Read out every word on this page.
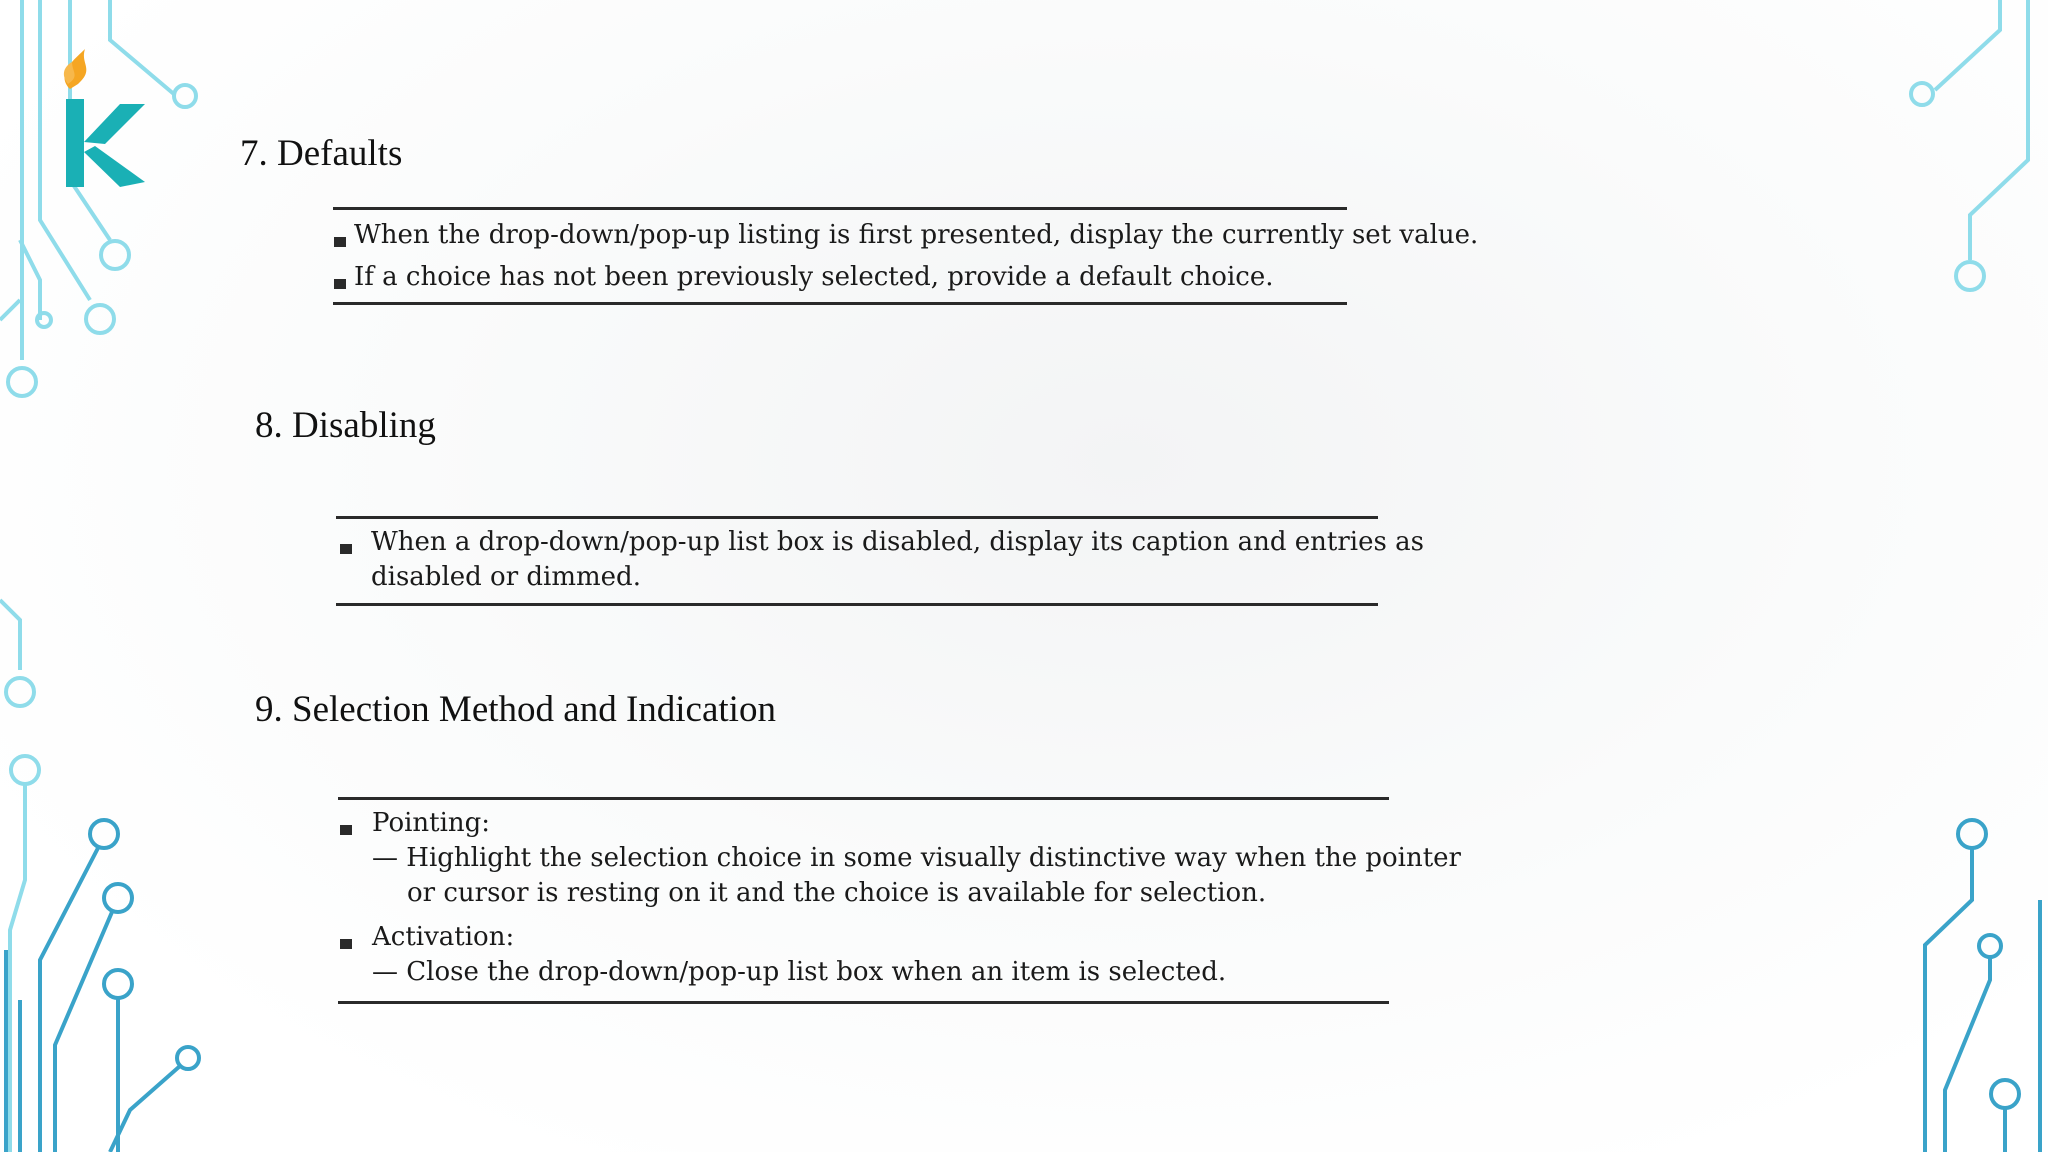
7. Defaults
When the drop-down/pop-up listing is first presented, display the currently set value.
If a choice has not been previously selected, provide a default choice.
8. Disabling
When a drop-down/pop-up list box is disabled, display its caption and entries as
disabled or dimmed.
9. Selection Method and Indication
Pointing:
— Highlight the selection choice in some visually distinctive way when the pointer
or cursor is resting on it and the choice is available for selection.
Activation:
— Close the drop-down/pop-up list box when an item is selected.
